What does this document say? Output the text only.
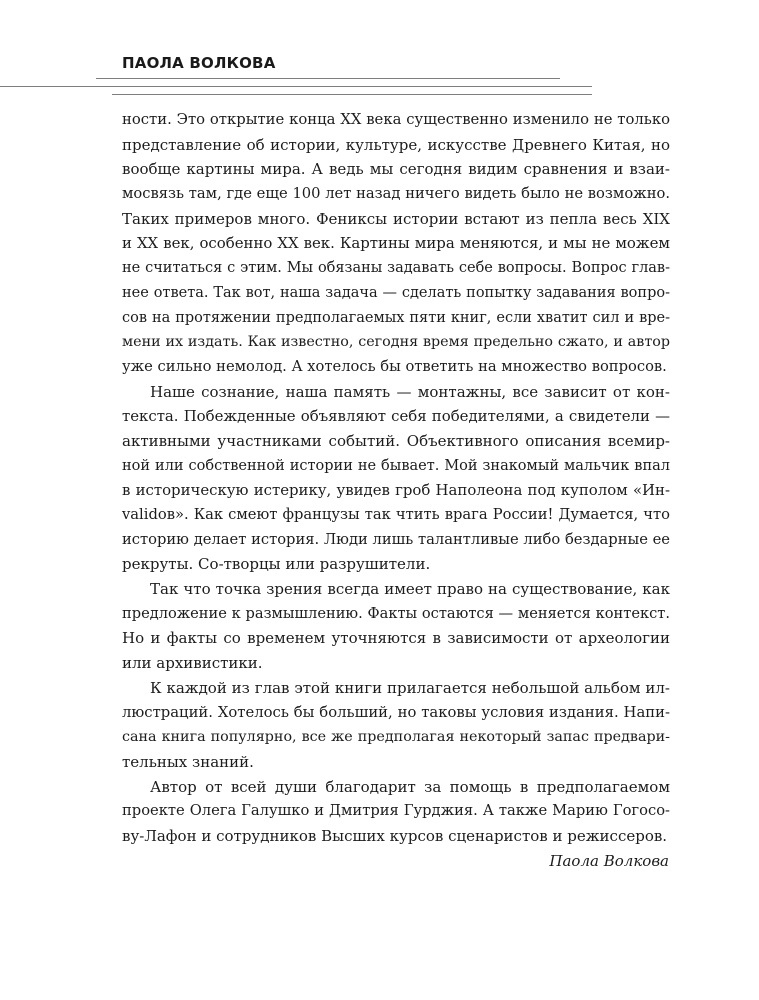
ПАОЛА ВОЛКОВА

ности. Это открытие конца XX века существенно изменило не только

представление об истории, культуре, искусстве Древнего Китая, но

вообще картины мира. А ведь мы сегодня видим сравнения и взаи-

мосвязь там, где еще 100 лет назад ничего видеть было не возможно.

Таких примеров много. Фениксы истории встают из пепла весь XIX

и XX век, особенно XX век. Картины мира меняются, и мы не можем

не считаться с этим. Мы обязаны задавать себе вопросы. Вопрос глав-

нее ответа. Так вот, наша задача — сделать попытку задавания вопро-

сов на протяжении предполагаемых пяти книг, если хватит сил и вре-

мени их издать. Как известно, сегодня время предельно сжато, и автор

уже сильно немолод. А хотелось бы ответить на множество вопросов.

Наше сознание, наша память — монтажны, все зависит от кон-

текста. Побежденные объявляют себя победителями, а свидетели —

активными участниками событий. Объективного описания всемир-

ной или собственной истории не бывает. Мой знакомый мальчик впал

в историческую истерику, увидев гроб Наполеона под куполом «Ин-

validов». Как смеют французы так чтить врага России! Думается, что

историю делает история. Люди лишь талантливые либо бездарные ее

рекруты. Со-творцы или разрушители.

Так что точка зрения всегда имеет право на существование, как

предложение к размышлению. Факты остаются — меняется контекст.

Но и факты со временем уточняются в зависимости от археологии

или архивистики.

К каждой из глав этой книги прилагается небольшой альбом ил-

люстраций. Хотелось бы больший, но таковы условия издания. Напи-

сана книга популярно, все же предполагая некоторый запас предвари-

тельных знаний.

Автор от всей души благодарит за помощь в предполагаемом

проекте Олега Галушко и Дмитрия Гурджия. А также Марию Гогосо-

ву-Лафон и сотрудников Высших курсов сценаристов и режиссеров.

Паола Волкова
